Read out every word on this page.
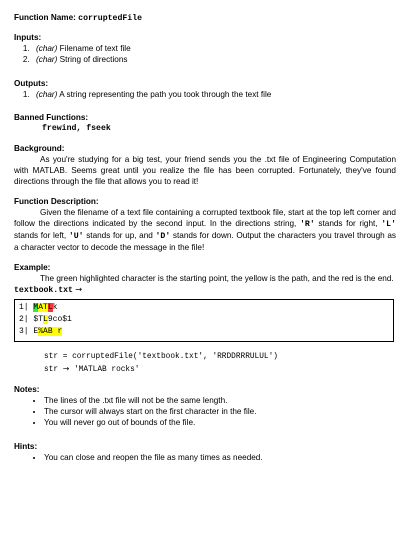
Function Name: corruptedFile
Inputs:
1. (char) Filename of text file
2. (char) String of directions
Outputs:
1. (char) A string representing the path you took through the text file
Banned Functions:
frewind, fseek
Background:
As you're studying for a big test, your friend sends you the .txt file of Engineering Computation with MATLAB. Seems great until you realize the file has been corrupted. Fortunately, they've found directions through the file that allows you to read it!
Function Description:
Given the filename of a text file containing a corrupted textbook file, start at the top left corner and follow the directions indicated by the second input. In the directions string, 'R' stands for right, 'L' stands for left, 'U' stands for up, and 'D' stands for down. Output the characters you travel through as a character vector to decode the message in the file!
Example:
The green highlighted character is the starting point, the yellow is the path, and the red is the end.
textbook.txt →
1| MATLk
2| $TL9co$1
3| E%AB r
str = corruptedFile('textbook.txt', 'RRDDRRRULUL')
str → 'MATLAB rocks'
Notes:
• The lines of the .txt file will not be the same length.
• The cursor will always start on the first character in the file.
• You will never go out of bounds of the file.
Hints:
• You can close and reopen the file as many times as needed.
